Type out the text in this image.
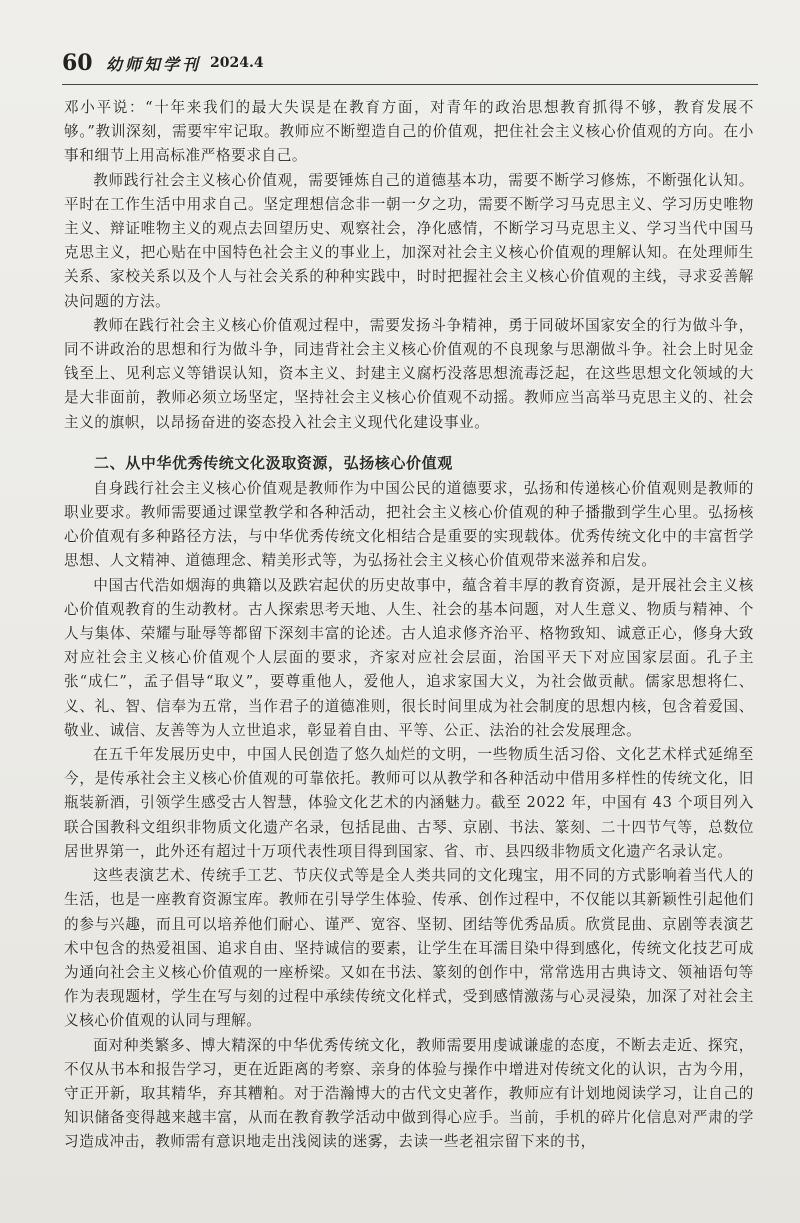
60 幼师知学刊 2024.4

邓小平说：“十年来我们的最大失误是在教育方面，对青年的政治思想教育抓得不够，教育发展不够。”教训深刻，需要牢牢记取。教师应不断塑造自己的价值观，把住社会主义核心价值观的方向。在小事和细节上用高标准严格要求自己。

教师践行社会主义核心价值观，需要锤炼自己的道德基本功，需要不断学习修炼，不断强化认知。平时在工作生活中用求自己。坚定理想信念非一朝一夕之功，需要不断学习马克思主义、学习历史唯物主义、辩证唯物主义的观点去回望历史、观察社会，净化感情，不断学习马克思主义、学习当代中国马克思主义，把心贴在中国特色社会主义的事业上，加深对社会主义核心价值观的理解认知。在处理师生关系、家校关系以及个人与社会关系的种种实践中，时时把握社会主义核心价值观的主线，寻求妥善解决问题的方法。

教师在践行社会主义核心价值观过程中，需要发扬斗争精神，勇于同破坏国家安全的行为做斗争，同不讲政治的思想和行为做斗争，同违背社会主义核心价值观的不良现象与思潮做斗争。社会上时见金钱至上、见利忘义等错误认知，资本主义、封建主义腐朽没落思想流毒泛起，在这些思想文化领域的大是大非面前，教师必须立场坚定，坚持社会主义核心价值观不动摇。教师应当高举马克思主义的、社会主义的旗帜，以昂扬奋进的姿态投入社会主义现代化建设事业。

二、从中华优秀传统文化汲取资源，弘扬核心价值观

自身践行社会主义核心价值观是教师作为中国公民的道德要求，弘扬和传递核心价值观则是教师的职业要求。教师需要通过课堂教学和各种活动，把社会主义核心价值观的种子播撒到学生心里。弘扬核心价值观有多种路径方法，与中华优秀传统文化相结合是重要的实现载体。优秀传统文化中的丰富哲学思想、人文精神、道德理念、精美形式等，为弘扬社会主义核心价值观带来滋养和启发。

中国古代浩如烟海的典籍以及跌宕起伏的历史故事中，蕴含着丰厚的教育资源，是开展社会主义核心价值观教育的生动教材。古人探索思考天地、人生、社会的基本问题，对人生意义、物质与精神、个人与集体、荣耀与耻辱等都留下深刻丰富的论述。古人追求修齐治平、格物致知、诚意正心，修身大致对应社会主义核心价值观个人层面的要求，齐家对应社会层面，治国平天下对应国家层面。孔子主张“成仁”，孟子倡导“取义”，要尊重他人，爱他人，追求家国大义，为社会做贡献。儒家思想将仁、义、礼、智、信奉为五常，当作君子的道德准则，很长时间里成为社会制度的思想内核，包含着爱国、敬业、诚信、友善等为人立世追求，彰显着自由、平等、公正、法治的社会发展理念。

在五千年发展历史中，中国人民创造了悠久灿烂的文明，一些物质生活习俗、文化艺术样式延绵至今，是传承社会主义核心价值观的可靠依托。教师可以从教学和各种活动中借用多样性的传统文化，旧瓶装新酒，引领学生感受古人智慧，体验文化艺术的内涵魅力。截至 2022 年，中国有 43 个项目列入联合国教科文组织非物质文化遗产名录，包括昆曲、古琴、京剧、书法、篆刻、二十四节气等，总数位居世界第一，此外还有超过十万项代表性项目得到国家、省、市、县四级非物质文化遗产名录认定。

这些表演艺术、传统手工艺、节庆仪式等是全人类共同的文化瑰宝，用不同的方式影响着当代人的生活，也是一座教育资源宝库。教师在引导学生体验、传承、创作过程中，不仅能以其新颖性引起他们的参与兴趣，而且可以培养他们耐心、谨严、宽容、坚韧、团结等优秀品质。欣赏昆曲、京剧等表演艺术中包含的热爱祖国、追求自由、坚持诚信的要素，让学生在耳濡目染中得到感化，传统文化技艺可成为通向社会主义核心价值观的一座桥梁。又如在书法、篆刻的创作中，常常选用古典诗文、领袖语句等作为表现题材，学生在写与刻的过程中承续传统文化样式，受到感情激荡与心灵浸染，加深了对社会主义核心价值观的认同与理解。

面对种类繁多、博大精深的中华优秀传统文化，教师需要用虔诚谦虚的态度，不断去走近、探究，不仅从书本和报告学习，更在近距离的考察、亲身的体验与操作中增进对传统文化的认识，古为今用，守正开新，取其精华，弃其糟粕。对于浩瀚博大的古代文史著作，教师应有计划地阅读学习，让自己的知识储备变得越来越丰富，从而在教育教学活动中做到得心应手。当前，手机的碎片化信息对严肃的学习造成冲击，教师需有意识地走出浅阅读的迷雾，去读一些老祖宗留下来的书，
